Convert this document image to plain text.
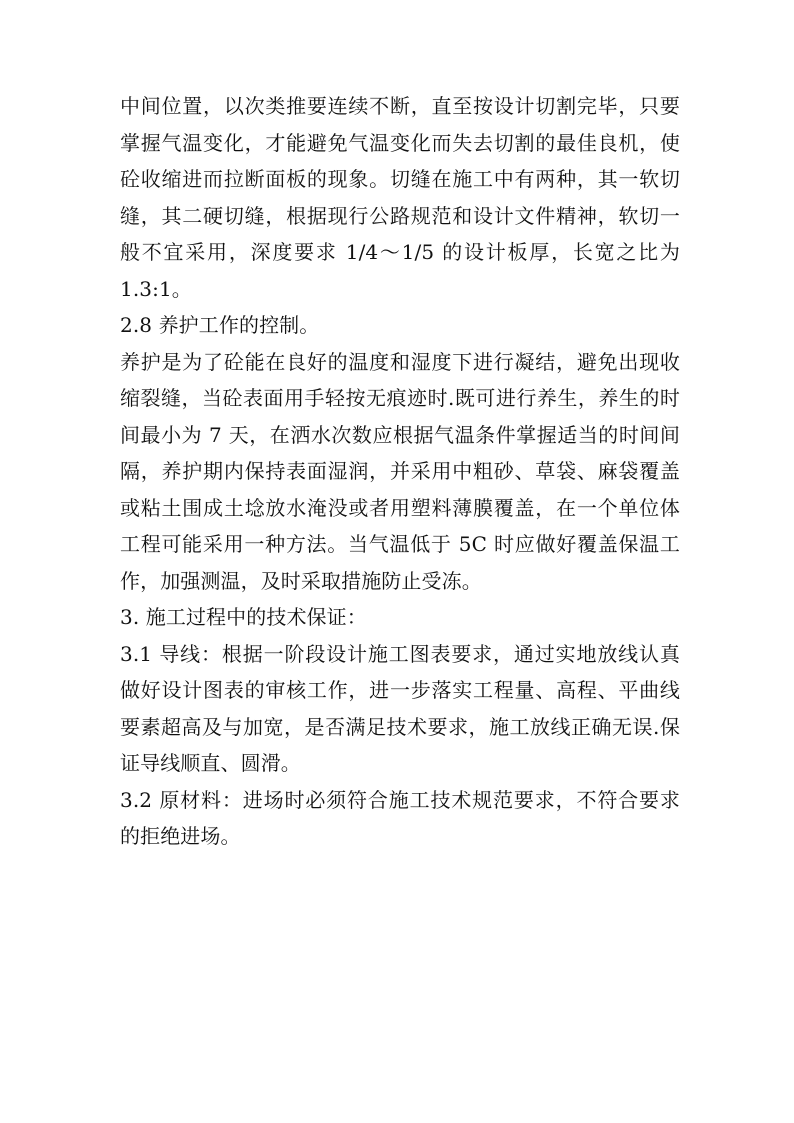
中间位置，以次类推要连续不断，直至按设计切割完毕，只要掌握气温变化，才能避免气温变化而失去切割的最佳良机，使砼收缩进而拉断面板的现象。切缝在施工中有两种，其一软切缝，其二硬切缝，根据现行公路规范和设计文件精神，软切一般不宜采用，深度要求 1/4～1/5 的设计板厚，长宽之比为 1.3:1。

2.8 养护工作的控制。

养护是为了砼能在良好的温度和湿度下进行凝结，避免出现收缩裂缝，当砼表面用手轻按无痕迹时.既可进行养生，养生的时间最小为 7 天，在洒水次数应根据气温条件掌握适当的时间间隔，养护期内保持表面湿润，并采用中粗砂、草袋、麻袋覆盖或粘土围成土埝放水淹没或者用塑料薄膜覆盖，在一个单位体工程可能采用一种方法。当气温低于 5C 时应做好覆盖保温工作，加强测温，及时采取措施防止受冻。

3. 施工过程中的技术保证：

3.1 导线：根据一阶段设计施工图表要求，通过实地放线认真做好设计图表的审核工作，进一步落实工程量、高程、平曲线要素超高及与加宽，是否满足技术要求，施工放线正确无误.保证导线顺直、圆滑。

3.2 原材料：进场时必须符合施工技术规范要求，不符合要求的拒绝进场。
